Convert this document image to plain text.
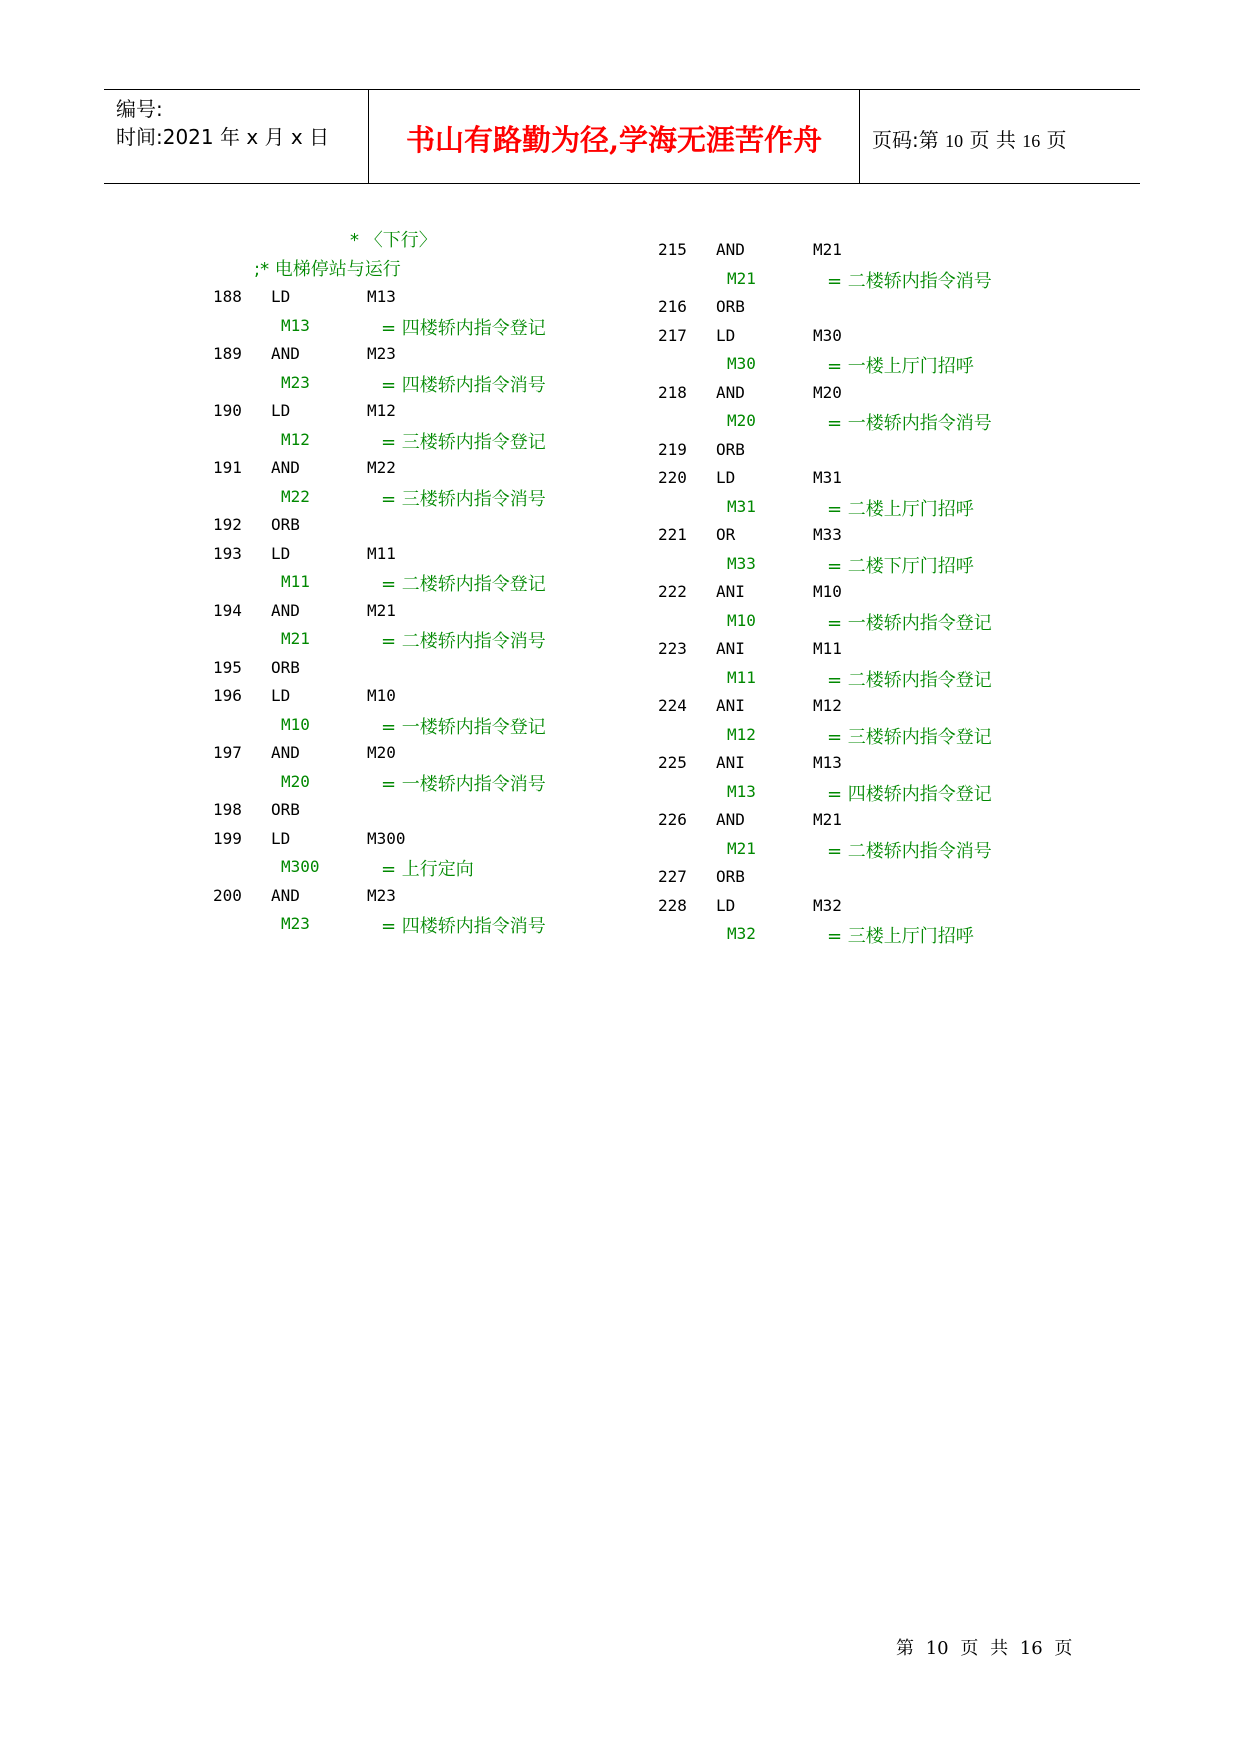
编号:
时间:2021 年 x 月 x 日	书山有路勤为径,学海无涯苦作舟	页码:第 10 页 共 16 页
* 〈下行〉
;* 电梯停站与运行
188 LD	M13
M13	= 四楼轿内指令登记
189 AND	M23
M23	= 四楼轿内指令消号
190 LD	M12
M12	= 三楼轿内指令登记
191 AND	M22
M22	= 三楼轿内指令消号
192 ORB
193 LD	M11
M11	= 二楼轿内指令登记
194 AND	M21
M21	= 二楼轿内指令消号
195 ORB
196 LD	M10
M10	= 一楼轿内指令登记
197 AND	M20
M20	= 一楼轿内指令消号
198 ORB
199 LD	M300
M300	= 上行定向
200 AND	M23
M23	= 四楼轿内指令消号
215 AND	M21
M21	= 二楼轿内指令消号
216 ORB
217 LD	M30
M30	= 一楼上厅门招呼
218 AND	M20
M20	= 一楼轿内指令消号
219 ORB
220 LD	M31
M31	= 二楼上厅门招呼
221 OR	M33
M33	= 二楼下厅门招呼
222 ANI	M10
M10	= 一楼轿内指令登记
223 ANI	M11
M11	= 二楼轿内指令登记
224 ANI	M12
M12	= 三楼轿内指令登记
225 ANI	M13
M13	= 四楼轿内指令登记
226 AND	M21
M21	= 二楼轿内指令消号
227 ORB
228 LD	M32
M32	= 三楼上厅门招呼
第 10 页 共 16 页
